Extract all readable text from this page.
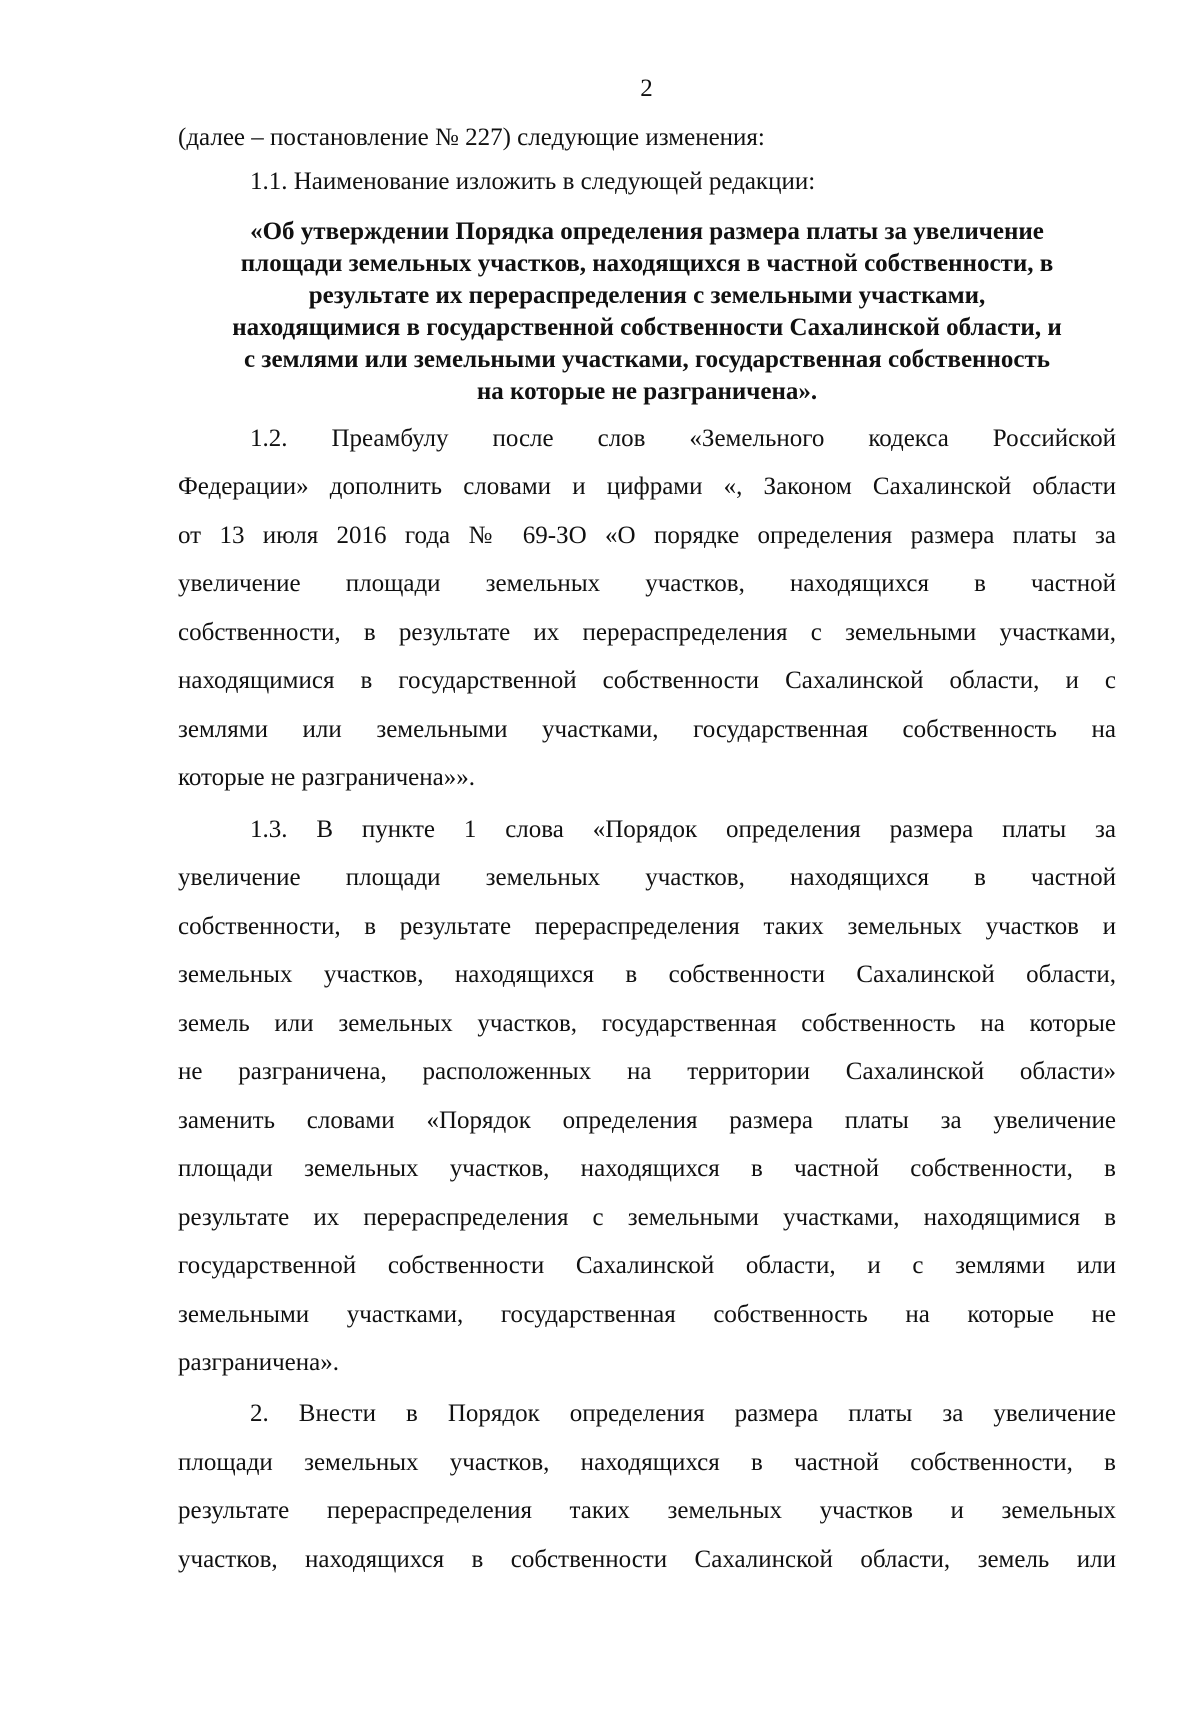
2
(далее – постановление № 227) следующие изменения:
1.1. Наименование изложить в следующей редакции:
«Об утверждении Порядка определения размера платы за увеличение
площади земельных участков, находящихся в частной собственности, в
результате их перераспределения с земельными участками,
находящимися в государственной собственности Сахалинской области, и
с землями или земельными участками, государственная собственность
на которые не разграничена».
1.2. Преамбулу после слов «Земельного кодекса Российской
Федерации» дополнить словами и цифрами «, Законом Сахалинской области
от 13 июля 2016 года № 69-ЗО «О порядке определения размера платы за
увеличение площади земельных участков, находящихся в частной
собственности, в результате их перераспределения с земельными участками,
находящимися в государственной собственности Сахалинской области, и с
землями или земельными участками, государственная собственность на
которые не разграничена»».
1.3. В пункте 1 слова «Порядок определения размера платы за
увеличение площади земельных участков, находящихся в частной
собственности, в результате перераспределения таких земельных участков и
земельных участков, находящихся в собственности Сахалинской области,
земель или земельных участков, государственная собственность на которые
не разграничена, расположенных на территории Сахалинской области»
заменить словами «Порядок определения размера платы за увеличение
площади земельных участков, находящихся в частной собственности, в
результате их перераспределения с земельными участками, находящимися в
государственной собственности Сахалинской области, и с землями или
земельными участками, государственная собственность на которые не
разграничена».
2. Внести в Порядок определения размера платы за увеличение
площади земельных участков, находящихся в частной собственности, в
результате перераспределения таких земельных участков и земельных
участков, находящихся в собственности Сахалинской области, земель или
